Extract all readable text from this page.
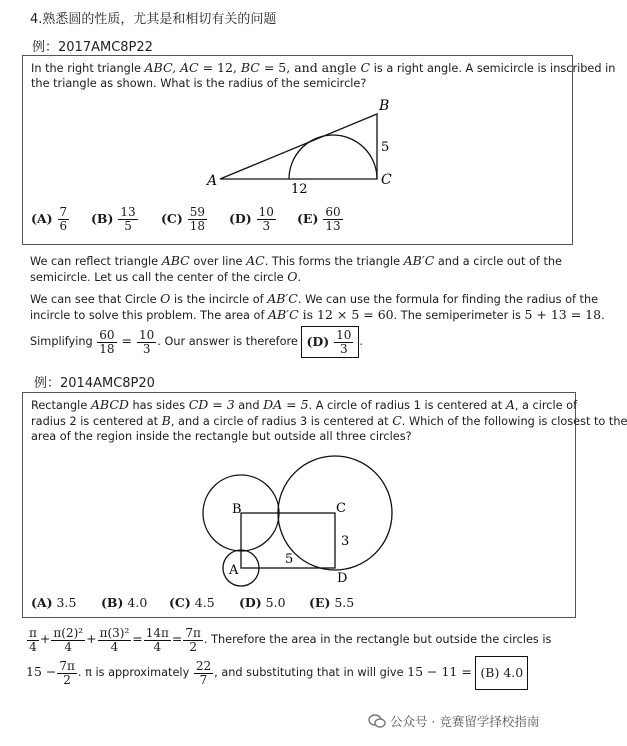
4.熟悉圆的性质，尤其是和相切有关的问题
例：2017AMC8P22
In the right triangle ABC, AC = 12, BC = 5, and angle C is a right angle. A semicircle is inscribed in
the triangle as shown. What is the radius of the semicircle?
A
B
C
12
5
$(A) \frac{7}{6} (B) \frac{13}{5} (C) \frac{59}{18} (D) \frac{10}{3} (E) \frac{60}{13}$
We can reflect triangle ABC over line AC. This forms the triangle AB′C and a circle out of the
semicircle. Let us call the center of the circle O.
We can see that Circle O is the incircle of AB′C. We can use the formula for finding the radius of the
incircle to solve this problem. The area of AB′C is 12 × 5 = 60. The semiperimeter is 5 + 13 = 18.
Simplifying $\frac{60}{18} = \frac{10}{3}$ . Our answer is therefore $(D) \frac{10}{3}$ .
例：2014AMC8P20
Rectangle ABCD has sides CD = 3 and DA = 5. A circle of radius 1 is centered at A, a circle of
radius 2 is centered at B, and a circle of radius 3 is centered at C. Which of the following is closest to the
area of the region inside the rectangle but outside all three circles?
A
B	C
D
5
3
(A) 3.5 (B) 4.0 (C) 4.5 (D) 5.0 (E) 5.5
$\frac{\pi}{4} + \frac{\text{π(2)²}}{4} + \frac{\text{π(3)²}}{4} = \frac{14\pi}{4} = \frac{7\pi}{2}$ . Therefore the area in the rectangle but outside the circles is
$15 - \frac{7\pi}{2}$ . π is approximately $\frac{22}{7}$ , and substituting that in will give 15 − 11 = (B) 4.0
公众号 · 竞赛留学择校指南
